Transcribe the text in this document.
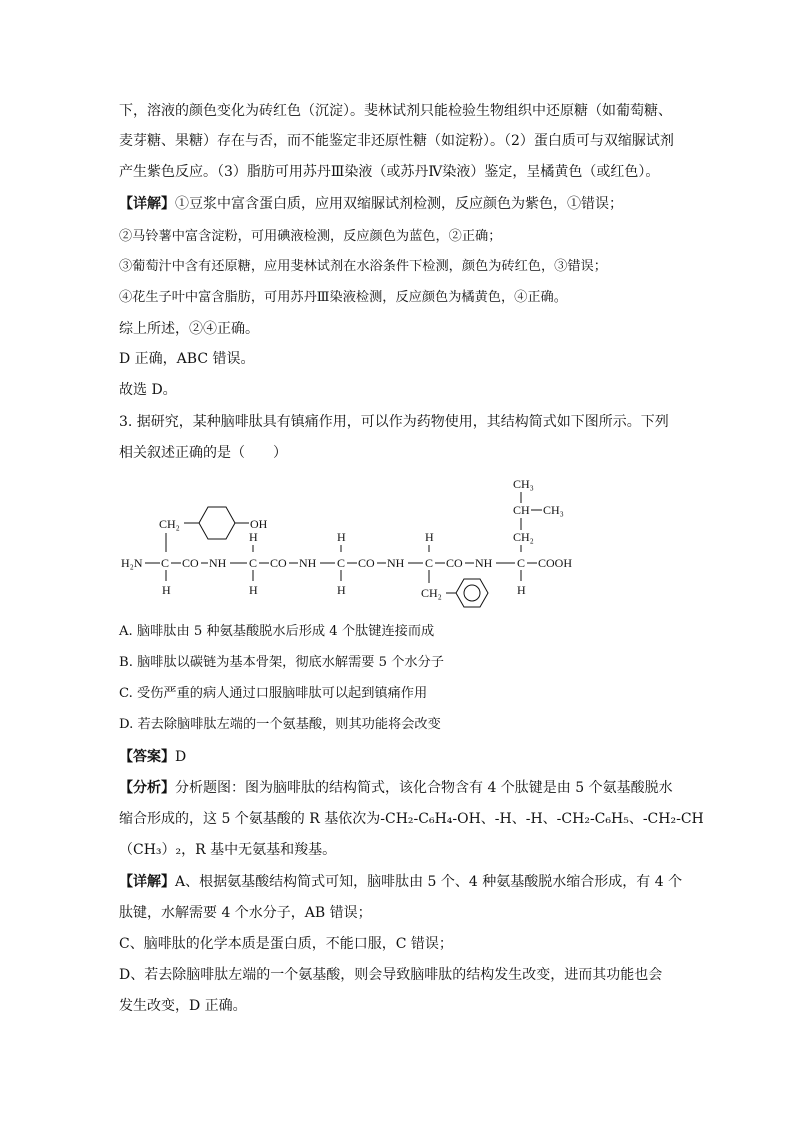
下，溶液的颜色变化为砖红色（沉淀）。斐林试剂只能检验生物组织中还原糖（如葡萄糖、
麦芽糖、果糖）存在与否，而不能鉴定非还原性糖（如淀粉）。（2）蛋白质可与双缩脲试剂
产生紫色反应。（3）脂肪可用苏丹Ⅲ染液（或苏丹Ⅳ染液）鉴定，呈橘黄色（或红色）。
【详解】①豆浆中富含蛋白质，应用双缩脲试剂检测，反应颜色为紫色，①错误；
②马铃薯中富含淀粉，可用碘液检测，反应颜色为蓝色，②正确；
③葡萄汁中含有还原糖，应用斐林试剂在水浴条件下检测，颜色为砖红色，③错误；
④花生子叶中富含脂肪，可用苏丹Ⅲ染液检测，反应颜色为橘黄色，④正确。
综上所述，②④正确。
D 正确，ABC 错误。
故选 D。
3. 据研究，某种脑啡肽具有镇痛作用，可以作为药物使用，其结构简式如下图所示。下列
相关叙述正确的是（　　）
CH₂	OH
CH₃
CH CH₃
CH₂
H	H	H
H₂N C CO NH C CO NH C CO NH C CO NH C COOH
H	H	H	H
CH₂
A. 脑啡肽由 5 种氨基酸脱水后形成 4 个肽键连接而成
B. 脑啡肽以碳链为基本骨架，彻底水解需要 5 个水分子
C. 受伤严重的病人通过口服脑啡肽可以起到镇痛作用
D. 若去除脑啡肽左端的一个氨基酸，则其功能将会改变
【答案】D
【分析】分析题图：图为脑啡肽的结构简式，该化合物含有 4 个肽键是由 5 个氨基酸脱水
缩合形成的，这 5 个氨基酸的 R 基依次为-CH₂-C₆H₄-OH、-H、-H、-CH₂-C₆H₅、-CH₂-CH
（CH₃）₂，R 基中无氨基和羧基。
【详解】A、根据氨基酸结构简式可知，脑啡肽由 5 个、4 种氨基酸脱水缩合形成，有 4 个
肽键，水解需要 4 个水分子，AB 错误；
C、脑啡肽的化学本质是蛋白质，不能口服，C 错误；
D、若去除脑啡肽左端的一个氨基酸，则会导致脑啡肽的结构发生改变，进而其功能也会
发生改变，D 正确。
